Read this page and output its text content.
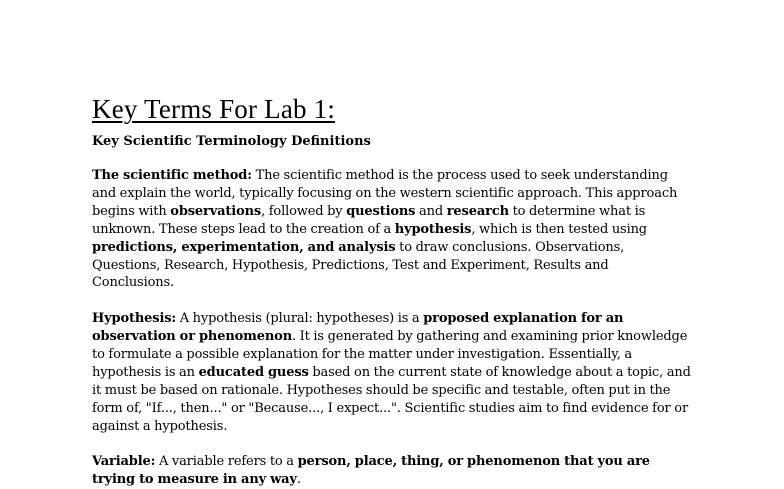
Key Terms For Lab 1:

Key Scientific Terminology Definitions

The scientific method: The scientific method is the process used to seek understanding and explain the world, typically focusing on the western scientific approach. This approach begins with observations, followed by questions and research to determine what is unknown. These steps lead to the creation of a hypothesis, which is then tested using predictions, experimentation, and analysis to draw conclusions. Observations, Questions, Research, Hypothesis, Predictions, Test and Experiment, Results and Conclusions.

Hypothesis: A hypothesis (plural: hypotheses) is a proposed explanation for an observation or phenomenon. It is generated by gathering and examining prior knowledge to formulate a possible explanation for the matter under investigation. Essentially, a hypothesis is an educated guess based on the current state of knowledge about a topic, and it must be based on rationale. Hypotheses should be specific and testable, often put in the form of, "If..., then..." or "Because..., I expect...". Scientific studies aim to find evidence for or against a hypothesis.

Variable: A variable refers to a person, place, thing, or phenomenon that you are trying to measure in any way.
